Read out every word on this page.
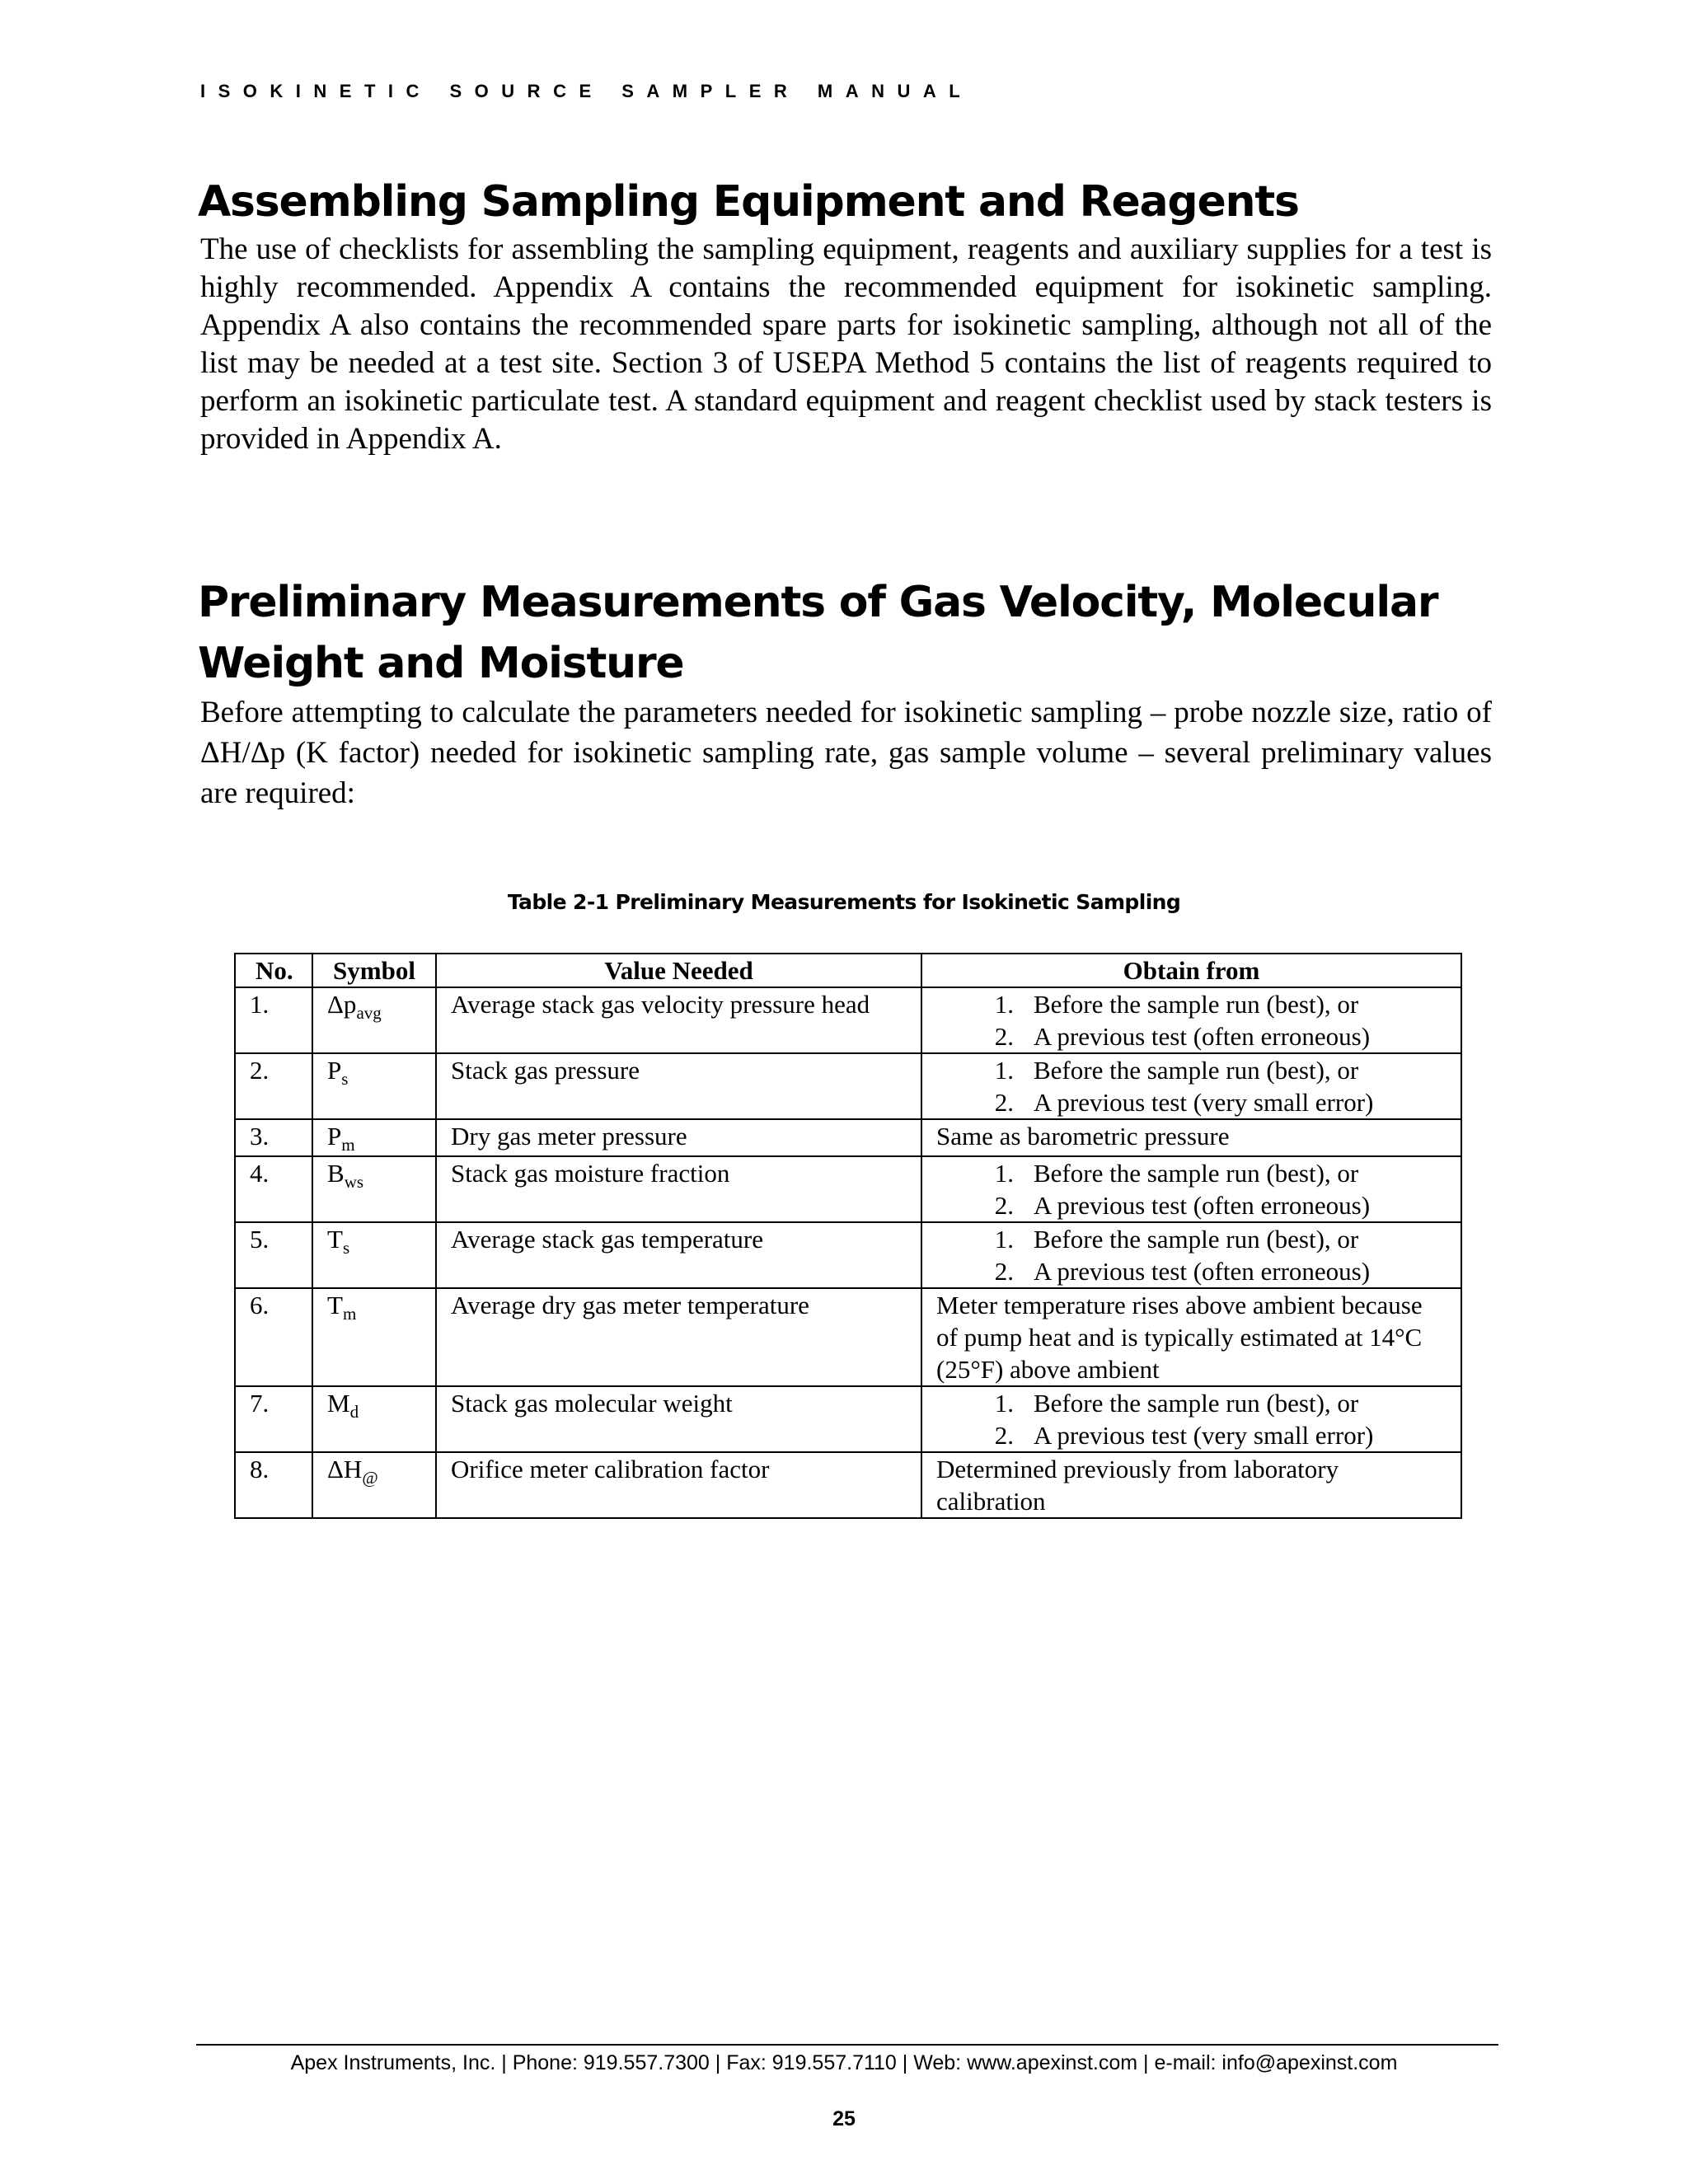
ISOKINETIC SOURCE SAMPLER MANUAL
Assembling Sampling Equipment and Reagents

The use of checklists for assembling the sampling equipment, reagents and auxiliary supplies for a test is highly recommended. Appendix A contains the recommended equipment for isokinetic sampling. Appendix A also contains the recommended spare parts for isokinetic sampling, although not all of the list may be needed at a test site. Section 3 of USEPA Method 5 contains the list of reagents required to perform an isokinetic particulate test. A standard equipment and reagent checklist used by stack testers is provided in Appendix A.

Preliminary Measurements of Gas Velocity, Molecular Weight and Moisture

Before attempting to calculate the parameters needed for isokinetic sampling – probe nozzle size, ratio of ΔH/Δp (K factor) needed for isokinetic sampling rate, gas sample volume – several preliminary values are required:

Table 2-1 Preliminary Measurements for Isokinetic Sampling
No.	Symbol	Value Needed	Obtain from
1.	$\Delta p_{avg}$	Average stack gas velocity pressure head	1. Before the sample run (best), or
2. A previous test (often erroneous)

2.	$P_s$	Stack gas pressure	1. Before the sample run (best), or
2. A previous test (very small error)

3.	$P_m$	Dry gas meter pressure	Same as barometric pressure
4.	$B_{ws}$	Stack gas moisture fraction	1. Before the sample run (best), or
2. A previous test (often erroneous)

5.	$T_s$	Average stack gas temperature	1. Before the sample run (best), or
2. A previous test (often erroneous)

6.	$T_m$	Average dry gas meter temperature	Meter temperature rises above ambient because of pump heat and is typically estimated at 14°C (25°F) above ambient
7.	$M_d$	Stack gas molecular weight	1. Before the sample run (best), or
2. A previous test (very small error)

8.	$\Delta H_@$	Orifice meter calibration factor	Determined previously from laboratory calibration
Apex Instruments, Inc. | Phone: 919.557.7300 | Fax: 919.557.7110 | Web: www.apexinst.com | e-mail: info@apexinst.com
25
